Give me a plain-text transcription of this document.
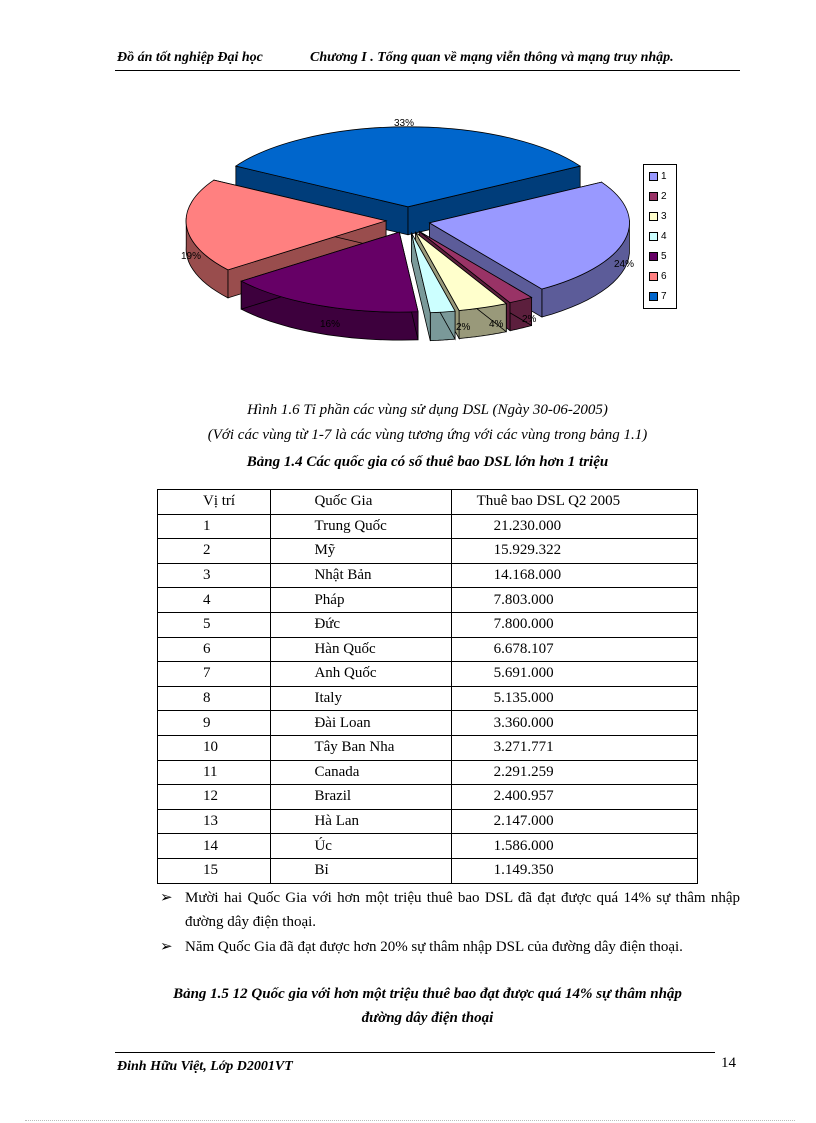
Đồ án tốt nghiệp Đại học	Chương I . Tổng quan về mạng viễn thông và mạng truy nhập.
33%
24%
2%
4%
2%
16%
19%
1
2
3
4
5
6
7
Hình 1.6 Tỉ phần các vùng sử dụng DSL (Ngày 30-06-2005)
(Với các vùng từ 1-7 là các vùng tương ứng với các vùng trong bảng 1.1)
Bảng 1.4 Các quốc gia có số thuê bao DSL lớn hơn 1 triệu
Vị trí	Quốc Gia	Thuê bao DSL Q2 2005
1	Trung Quốc	21.230.000
2	Mỹ	15.929.322
3	Nhật Bản	14.168.000
4	Pháp	7.803.000
5	Đức	7.800.000
6	Hàn Quốc	6.678.107
7	Anh Quốc	5.691.000
8	Italy	5.135.000
9	Đài Loan	3.360.000
10	Tây Ban Nha	3.271.771
11	Canada	2.291.259
12	Brazil	2.400.957
13	Hà Lan	2.147.000
14	Úc	1.586.000
15	Bỉ	1.149.350
➢ Mười hai Quốc Gia với hơn một triệu thuê bao DSL đã đạt được quá 14% sự thâm nhập đường dây điện thoại.
➢ Năm Quốc Gia đã đạt được hơn 20% sự thâm nhập DSL của đường dây điện thoại.
Bảng 1.5 12 Quốc gia với hơn một triệu thuê bao đạt được quá 14% sự thâm nhập
đường dây điện thoại
Đinh Hữu Việt, Lớp D2001VT	14
